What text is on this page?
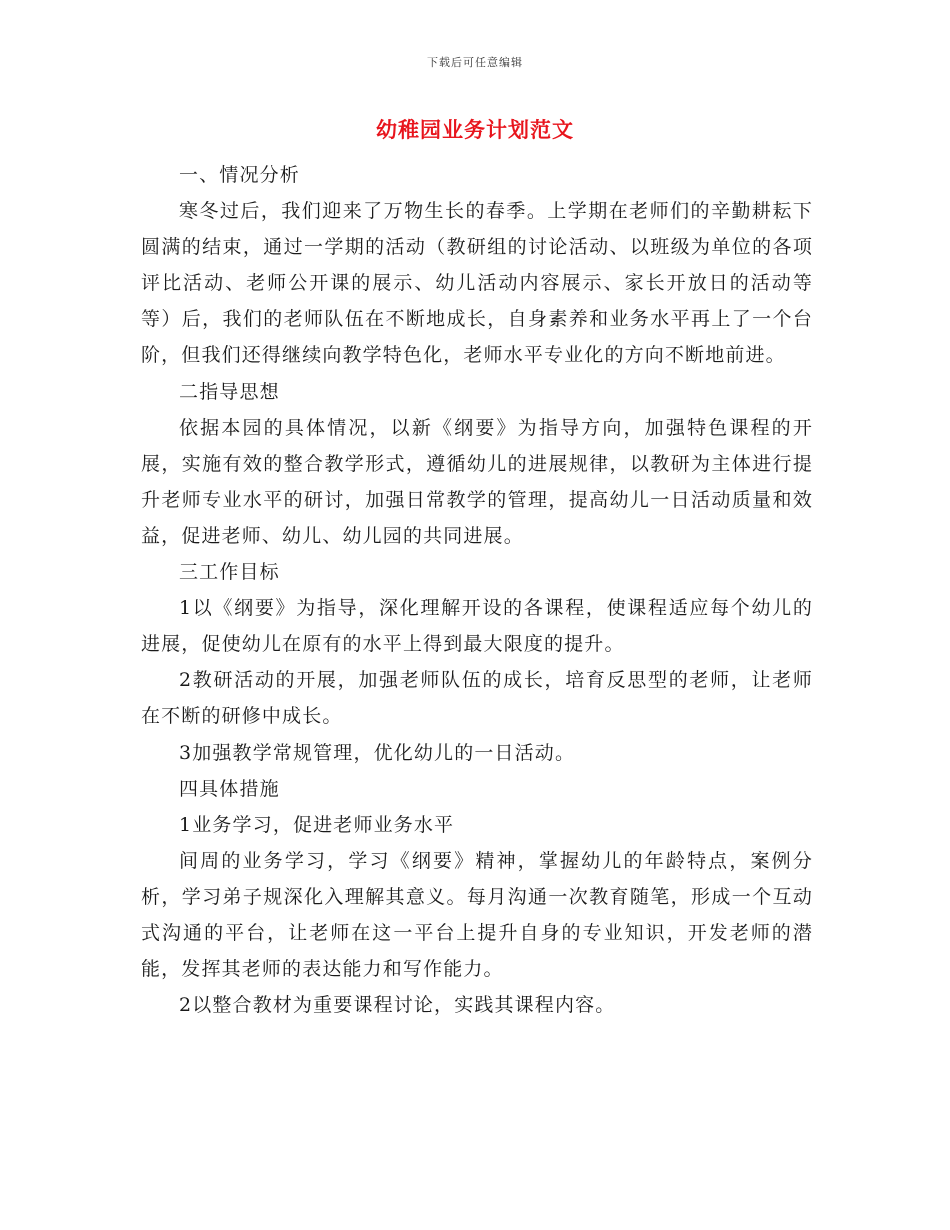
下载后可任意编辑
幼稚园业务计划范文

一、情况分析

寒冬过后，我们迎来了万物生长的春季。上学期在老师们的辛勤耕耘下圆满的结束，通过一学期的活动（教研组的讨论活动、以班级为单位的各项评比活动、老师公开课的展示、幼儿活动内容展示、家长开放日的活动等等）后，我们的老师队伍在不断地成长，自身素养和业务水平再上了一个台阶，但我们还得继续向教学特色化，老师水平专业化的方向不断地前进。

二指导思想

依据本园的具体情况，以新《纲要》为指导方向，加强特色课程的开展，实施有效的整合教学形式，遵循幼儿的进展规律，以教研为主体进行提升老师专业水平的研讨，加强日常教学的管理，提高幼儿一日活动质量和效益，促进老师、幼儿、幼儿园的共同进展。

三工作目标

1以《纲要》为指导，深化理解开设的各课程，使课程适应每个幼儿的进展，促使幼儿在原有的水平上得到最大限度的提升。

2教研活动的开展，加强老师队伍的成长，培育反思型的老师，让老师在不断的研修中成长。

3加强教学常规管理，优化幼儿的一日活动。

四具体措施

1业务学习，促进老师业务水平

间周的业务学习，学习《纲要》精神，掌握幼儿的年龄特点，案例分析，学习弟子规深化入理解其意义。每月沟通一次教育随笔，形成一个互动式沟通的平台，让老师在这一平台上提升自身的专业知识，开发老师的潜能，发挥其老师的表达能力和写作能力。

2以整合教材为重要课程讨论，实践其课程内容。
